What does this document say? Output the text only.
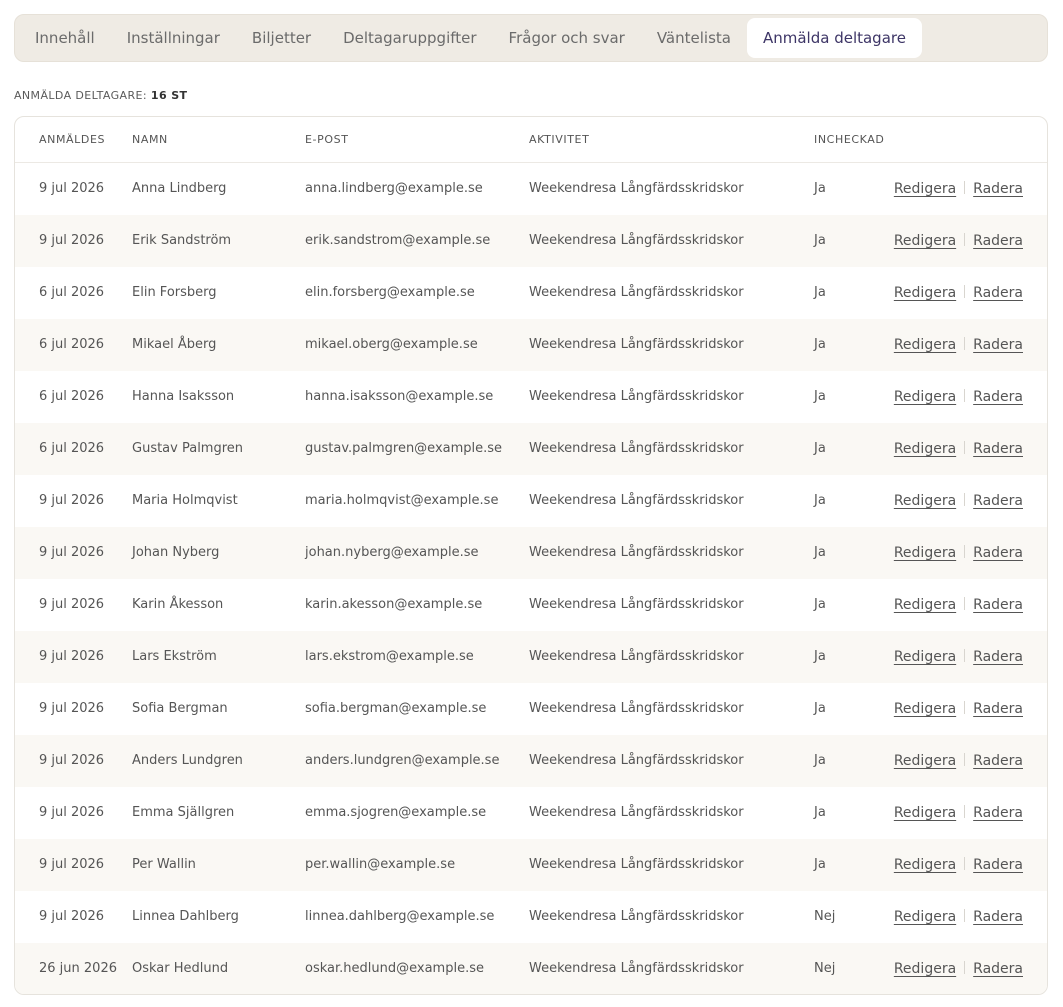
Innehåll	Inställningar	Biljetter	Deltagaruppgifter	Frågor och svar	Väntelista	Anmälda deltagare
ANMÄLDA DELTAGARE: 16 ST
ANMÄLDES NAMN	E-POST	AKTIVITET	INCHECKAD
9 jul 2026 Anna Lindberg	anna.lindberg@example.se	Weekendresa Långfärdsskridskor	Ja	Redigera Radera
9 jul 2026 Erik Sandström	erik.sandstrom@example.se	Weekendresa Långfärdsskridskor	Ja	Redigera Radera
6 jul 2026 Elin Forsberg	elin.forsberg@example.se	Weekendresa Långfärdsskridskor	Ja	Redigera Radera
6 jul 2026 Mikael Åberg	mikael.oberg@example.se	Weekendresa Långfärdsskridskor	Ja	Redigera Radera
6 jul 2026 Hanna Isaksson	hanna.isaksson@example.se	Weekendresa Långfärdsskridskor	Ja	Redigera Radera
6 jul 2026 Gustav Palmgren	gustav.palmgren@example.se Weekendresa Långfärdsskridskor	Ja	Redigera Radera
9 jul 2026 Maria Holmqvist	maria.holmqvist@example.se Weekendresa Långfärdsskridskor	Ja	Redigera Radera
9 jul 2026 Johan Nyberg	johan.nyberg@example.se	Weekendresa Långfärdsskridskor	Ja	Redigera Radera
9 jul 2026 Karin Åkesson	karin.akesson@example.se	Weekendresa Långfärdsskridskor	Ja	Redigera Radera
9 jul 2026 Lars Ekström	lars.ekstrom@example.se	Weekendresa Långfärdsskridskor	Ja	Redigera Radera
9 jul 2026 Sofia Bergman	sofia.bergman@example.se	Weekendresa Långfärdsskridskor	Ja	Redigera Radera
9 jul 2026 Anders Lundgren	anders.lundgren@example.se Weekendresa Långfärdsskridskor	Ja	Redigera Radera
9 jul 2026 Emma Själlgren	emma.sjogren@example.se	Weekendresa Långfärdsskridskor	Ja	Redigera Radera
9 jul 2026 Per Wallin	per.wallin@example.se	Weekendresa Långfärdsskridskor	Ja	Redigera Radera
9 jul 2026 Linnea Dahlberg	linnea.dahlberg@example.se	Weekendresa Långfärdsskridskor	Nej	Redigera Radera
26 jun 2026 Oskar Hedlund	oskar.hedlund@example.se	Weekendresa Långfärdsskridskor	Nej	Redigera Radera
